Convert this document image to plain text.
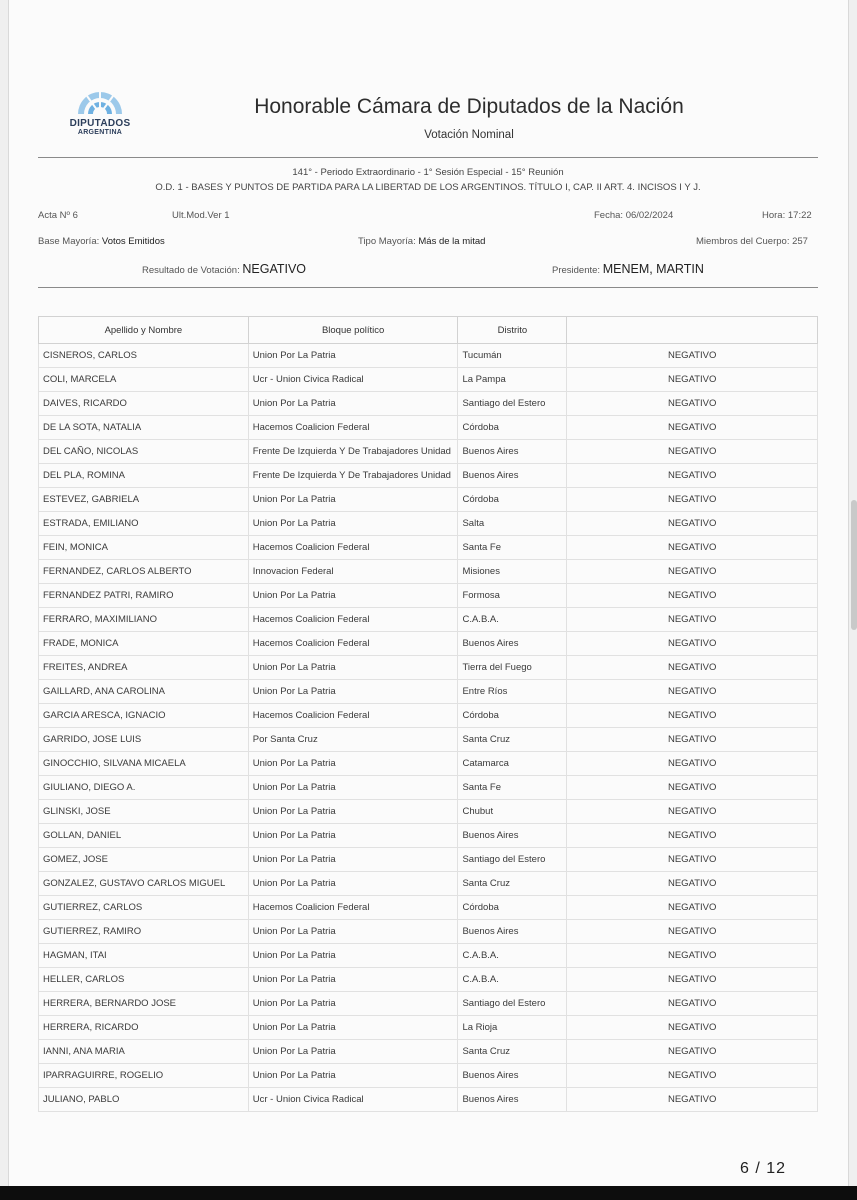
DIPUTADOS
ARGENTINA
Honorable Cámara de Diputados de la Nación
Votación Nominal
141° - Periodo Extraordinario - 1° Sesión Especial - 15° Reunión
O.D. 1 - BASES Y PUNTOS DE PARTIDA PARA LA LIBERTAD DE LOS ARGENTINOS. TÍTULO I, CAP. II ART. 4. INCISOS I Y J.
Acta Nº 6	Ult.Mod.Ver 1	Fecha: 06/02/2024	Hora: 17:22
Base Mayoría: Votos Emitidos	Tipo Mayoría: Más de la mitad	Miembros del Cuerpo: 257
Resultado de Votación: NEGATIVO	Presidente: MENEM, MARTIN
Apellido y Nombre	Bloque político	Distrito	
CISNEROS, CARLOS	Union Por La Patria	Tucumán	NEGATIVO
COLI, MARCELA	Ucr - Union Civica Radical	La Pampa	NEGATIVO
DAIVES, RICARDO	Union Por La Patria	Santiago del Estero	NEGATIVO
DE LA SOTA, NATALIA	Hacemos Coalicion Federal	Córdoba	NEGATIVO
DEL CAÑO, NICOLAS	Frente De Izquierda Y De Trabajadores Unidad	Buenos Aires	NEGATIVO
DEL PLA, ROMINA	Frente De Izquierda Y De Trabajadores Unidad	Buenos Aires	NEGATIVO
ESTEVEZ, GABRIELA	Union Por La Patria	Córdoba	NEGATIVO
ESTRADA, EMILIANO	Union Por La Patria	Salta	NEGATIVO
FEIN, MONICA	Hacemos Coalicion Federal	Santa Fe	NEGATIVO
FERNANDEZ, CARLOS ALBERTO	Innovacion Federal	Misiones	NEGATIVO
FERNANDEZ PATRI, RAMIRO	Union Por La Patria	Formosa	NEGATIVO
FERRARO, MAXIMILIANO	Hacemos Coalicion Federal	C.A.B.A.	NEGATIVO
FRADE, MONICA	Hacemos Coalicion Federal	Buenos Aires	NEGATIVO
FREITES, ANDREA	Union Por La Patria	Tierra del Fuego	NEGATIVO
GAILLARD, ANA CAROLINA	Union Por La Patria	Entre Ríos	NEGATIVO
GARCIA ARESCA, IGNACIO	Hacemos Coalicion Federal	Córdoba	NEGATIVO
GARRIDO, JOSE LUIS	Por Santa Cruz	Santa Cruz	NEGATIVO
GINOCCHIO, SILVANA MICAELA	Union Por La Patria	Catamarca	NEGATIVO
GIULIANO, DIEGO A.	Union Por La Patria	Santa Fe	NEGATIVO
GLINSKI, JOSE	Union Por La Patria	Chubut	NEGATIVO
GOLLAN, DANIEL	Union Por La Patria	Buenos Aires	NEGATIVO
GOMEZ, JOSE	Union Por La Patria	Santiago del Estero	NEGATIVO
GONZALEZ, GUSTAVO CARLOS MIGUEL	Union Por La Patria	Santa Cruz	NEGATIVO
GUTIERREZ, CARLOS	Hacemos Coalicion Federal	Córdoba	NEGATIVO
GUTIERREZ, RAMIRO	Union Por La Patria	Buenos Aires	NEGATIVO
HAGMAN, ITAI	Union Por La Patria	C.A.B.A.	NEGATIVO
HELLER, CARLOS	Union Por La Patria	C.A.B.A.	NEGATIVO
HERRERA, BERNARDO JOSE	Union Por La Patria	Santiago del Estero	NEGATIVO
HERRERA, RICARDO	Union Por La Patria	La Rioja	NEGATIVO
IANNI, ANA MARIA	Union Por La Patria	Santa Cruz	NEGATIVO
IPARRAGUIRRE, ROGELIO	Union Por La Patria	Buenos Aires	NEGATIVO
JULIANO, PABLO	Ucr - Union Civica Radical	Buenos Aires	NEGATIVO
6 / 12
